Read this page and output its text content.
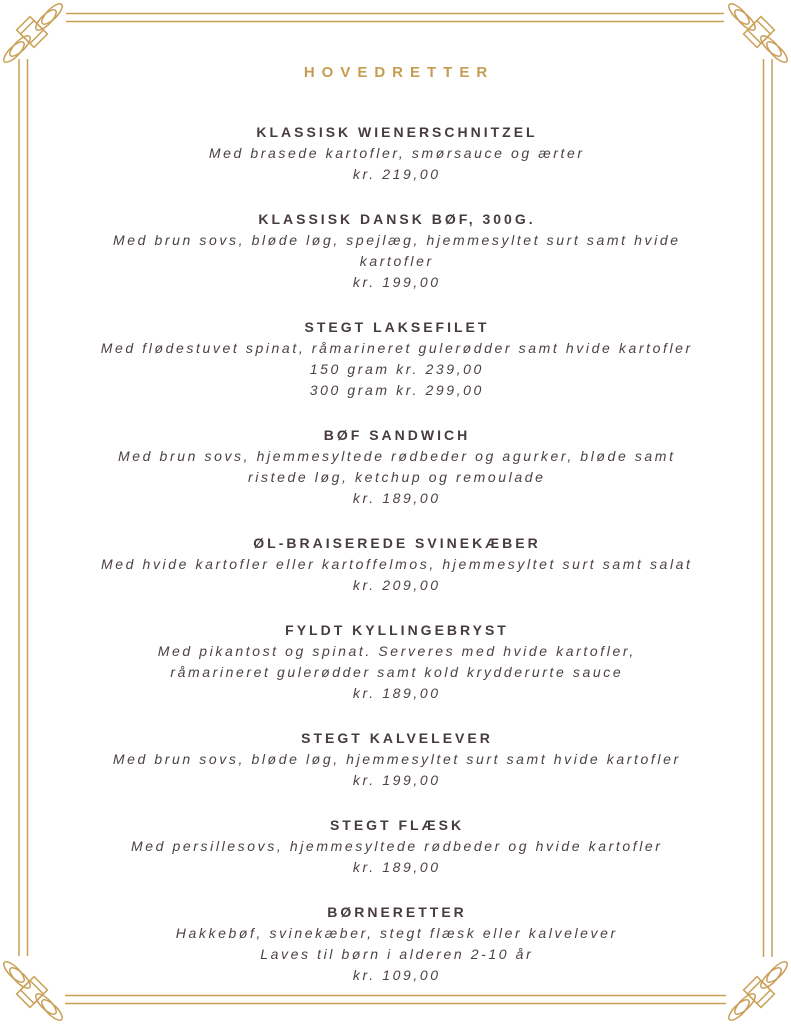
HOVEDRETTER
KLASSISK WIENERSCHNITZEL
Med brasede kartofler, smørsauce og ærter
kr. 219,00
KLASSISK DANSK BØF, 300G.
Med brun sovs, bløde løg, spejlæg, hjemmesyltet surt samt hvide
kartofler
kr. 199,00
STEGT LAKSEFILET
Med flødestuvet spinat, råmarineret gulerødder samt hvide kartofler
150 gram kr. 239,00
300 gram kr. 299,00
BØF SANDWICH
Med brun sovs, hjemmesyltede rødbeder og agurker, bløde samt
ristede løg, ketchup og remoulade
kr. 189,00
ØL-BRAISEREDE SVINEKÆBER
Med hvide kartofler eller kartoffelmos, hjemmesyltet surt samt salat
kr. 209,00
FYLDT KYLLINGEBRYST
Med pikantost og spinat. Serveres med hvide kartofler,
råmarineret gulerødder samt kold krydderurte sauce
kr. 189,00
STEGT KALVELEVER
Med brun sovs, bløde løg, hjemmesyltet surt samt hvide kartofler
kr. 199,00
STEGT FLÆSK
Med persillesovs, hjemmesyltede rødbeder og hvide kartofler
kr. 189,00
BØRNERETTER
Hakkebøf, svinekæber, stegt flæsk eller kalvelever
Laves til børn i alderen 2-10 år
kr. 109,00
